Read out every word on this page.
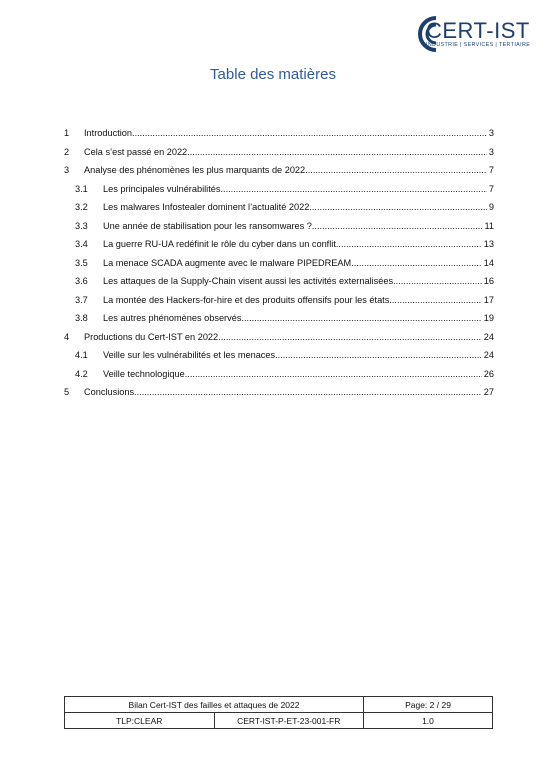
CERT-IST
INDUSTRIE | SERVICES | TERTIAIRE
Table des matières
1	Introduction .....	3
2	Cela s’est passé en 2022 .....	3
3	Analyse des phénomènes les plus marquants de 2022 .....	7
3.1	Les principales vulnérabilités .....	7
3.2	Les malwares Infostealer dominent l’actualité 2022 .....	9
3.3	Une année de stabilisation pour les ransomwares ? .....	11
3.4	La guerre RU-UA redéfinit le rôle du cyber dans un conflit .....	13
3.5	La menace SCADA augmente avec le malware PIPEDREAM .....	14
3.6	Les attaques de la Supply-Chain visent aussi les activités externalisées .....	16
3.7	La montée des Hackers-for-hire et des produits offensifs pour les états .....	17
3.8	Les autres phénomènes observés .....	19
4	Productions du Cert-IST en 2022 .....	24
4.1	Veille sur les vulnérabilités et les menaces .....	24
4.2	Veille technologique .....	26
5	Conclusions .....	27
Bilan Cert-IST des failles et attaques de 2022		Page: 2 / 29
TLP:CLEAR	CERT-IST-P-ET-23-001-FR	1.0
